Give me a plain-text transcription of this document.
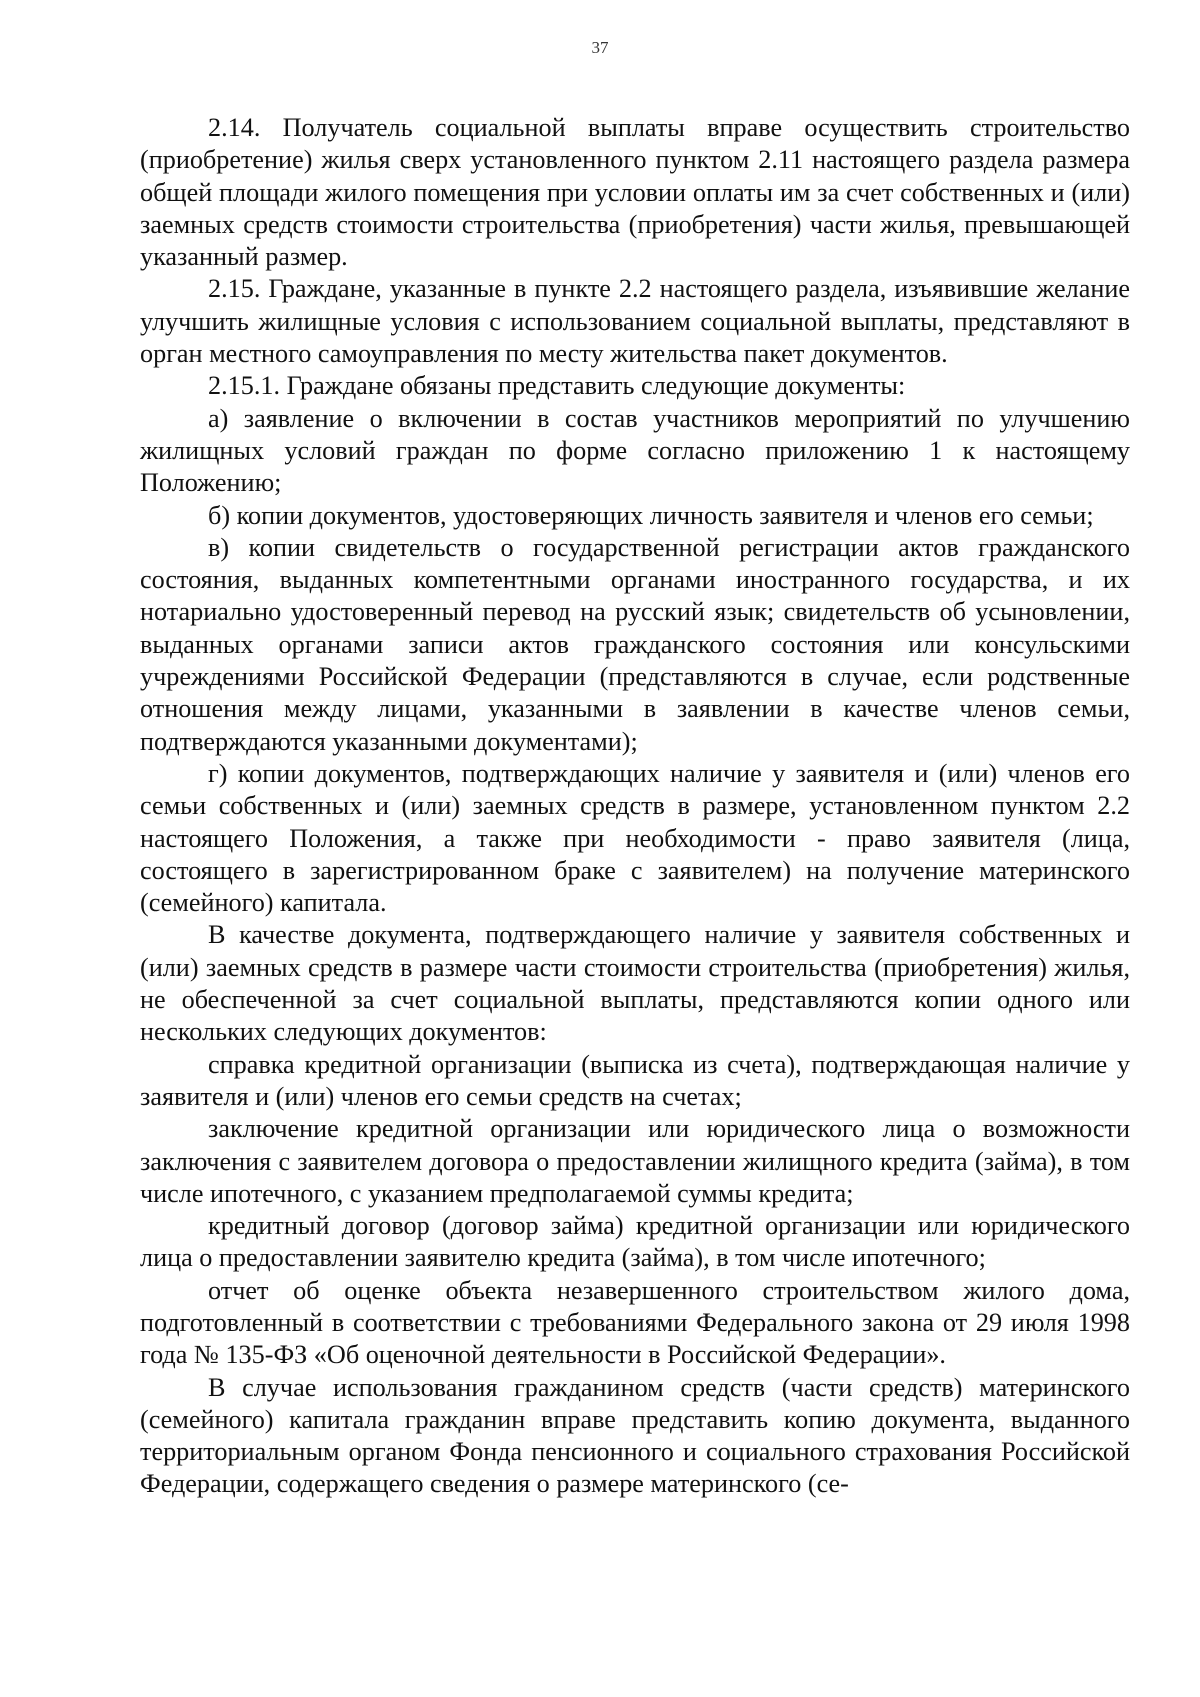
37

2.14. Получатель социальной выплаты вправе осуществить строительство (приобретение) жилья сверх установленного пунктом 2.11 настоящего раздела размера общей площади жилого помещения при условии оплаты им за счет собственных и (или) заемных средств стоимости строительства (приобретения) части жилья, превышающей указанный размер.

2.15. Граждане, указанные в пункте 2.2 настоящего раздела, изъявившие желание улучшить жилищные условия с использованием социальной выплаты, представляют в орган местного самоуправления по месту жительства пакет документов.

2.15.1. Граждане обязаны представить следующие документы:

а) заявление о включении в состав участников мероприятий по улучшению жилищных условий граждан по форме согласно приложению 1 к настоящему Положению;

б) копии документов, удостоверяющих личность заявителя и членов его семьи;

в) копии свидетельств о государственной регистрации актов гражданского состояния, выданных компетентными органами иностранного государства, и их нотариально удостоверенный перевод на русский язык; свидетельств об усыновлении, выданных органами записи актов гражданского состояния или консульскими учреждениями Российской Федерации (представляются в случае, если родственные отношения между лицами, указанными в заявлении в качестве членов семьи, подтверждаются указанными документами);

г) копии документов, подтверждающих наличие у заявителя и (или) членов его семьи собственных и (или) заемных средств в размере, установленном пунктом 2.2 настоящего Положения, а также при необходимости - право заявителя (лица, состоящего в зарегистрированном браке с заявителем) на получение материнского (семейного) капитала.

В качестве документа, подтверждающего наличие у заявителя собственных и (или) заемных средств в размере части стоимости строительства (приобретения) жилья, не обеспеченной за счет социальной выплаты, представляются копии одного или нескольких следующих документов:

справка кредитной организации (выписка из счета), подтверждающая наличие у заявителя и (или) членов его семьи средств на счетах;

заключение кредитной организации или юридического лица о возможности заключения с заявителем договора о предоставлении жилищного кредита (займа), в том числе ипотечного, с указанием предполагаемой суммы кредита;

кредитный договор (договор займа) кредитной организации или юридического лица о предоставлении заявителю кредита (займа), в том числе ипотечного;

отчет об оценке объекта незавершенного строительством жилого дома, подготовленный в соответствии с требованиями Федерального закона от 29 июля 1998 года № 135-ФЗ «Об оценочной деятельности в Российской Федерации».

В случае использования гражданином средств (части средств) материнского (семейного) капитала гражданин вправе представить копию документа, выданного территориальным органом Фонда пенсионного и социального страхования Российской Федерации, содержащего сведения о размере материнского (се-
